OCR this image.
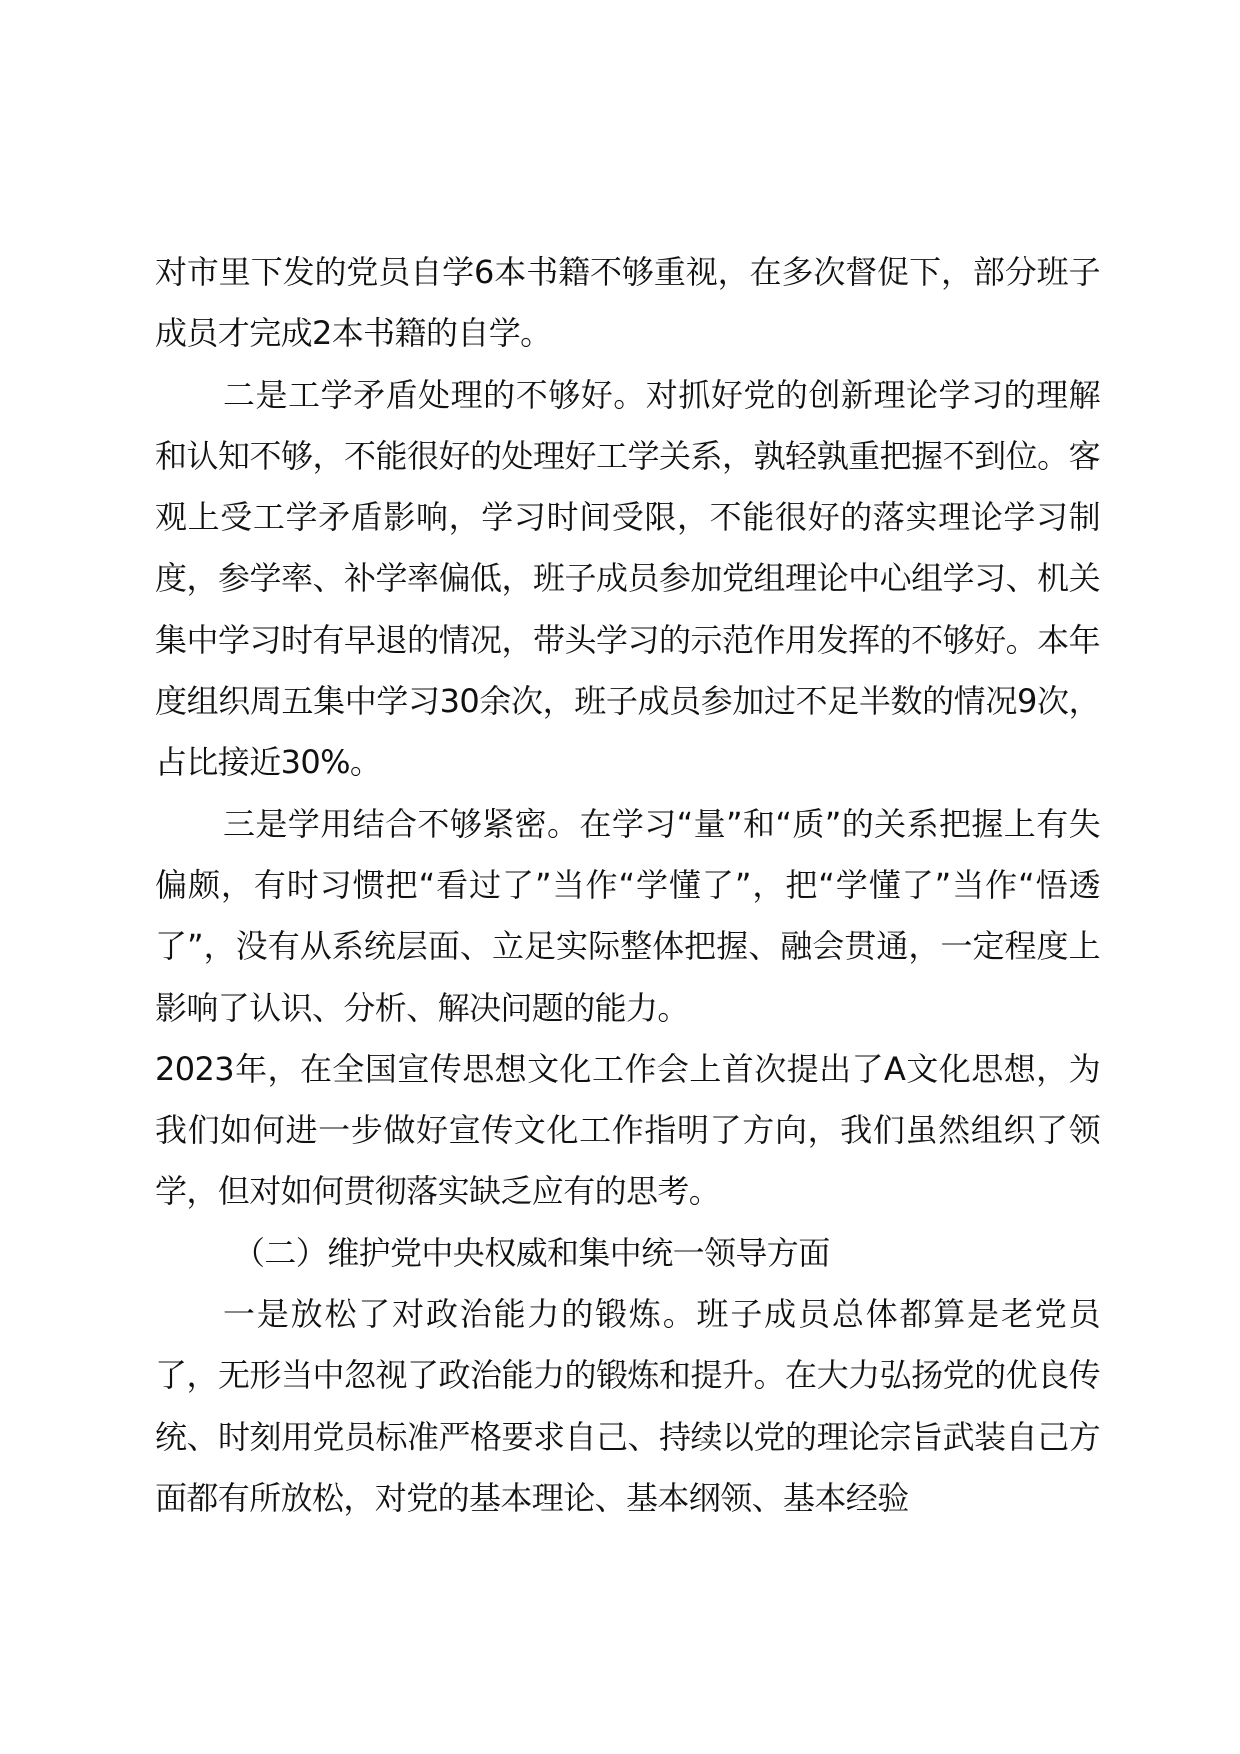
对市里下发的党员自学6本书籍不够重视，在多次督促下，部分班子成员才完成2本书籍的自学。

二是工学矛盾处理的不够好。对抓好党的创新理论学习的理解和认知不够，不能很好的处理好工学关系，孰轻孰重把握不到位。客观上受工学矛盾影响，学习时间受限，不能很好的落实理论学习制度，参学率、补学率偏低，班子成员参加党组理论中心组学习、机关集中学习时有早退的情况，带头学习的示范作用发挥的不够好。本年度组织周五集中学习30余次，班子成员参加过不足半数的情况9次，占比接近30%。

三是学用结合不够紧密。在学习“量”和“质”的关系把握上有失偏颇，有时习惯把“看过了”当作“学懂了”，把“学懂了”当作“悟透了”，没有从系统层面、立足实际整体把握、融会贯通，一定程度上影响了认识、分析、解决问题的能力。

2023年，在全国宣传思想文化工作会上首次提出了A文化思想，为我们如何进一步做好宣传文化工作指明了方向，我们虽然组织了领学，但对如何贯彻落实缺乏应有的思考。

（二）维护党中央权威和集中统一领导方面

一是放松了对政治能力的锻炼。班子成员总体都算是老党员了，无形当中忽视了政治能力的锻炼和提升。在大力弘扬党的优良传统、时刻用党员标准严格要求自己、持续以党的理论宗旨武装自己方面都有所放松，对党的基本理论、基本纲领、基本经验
